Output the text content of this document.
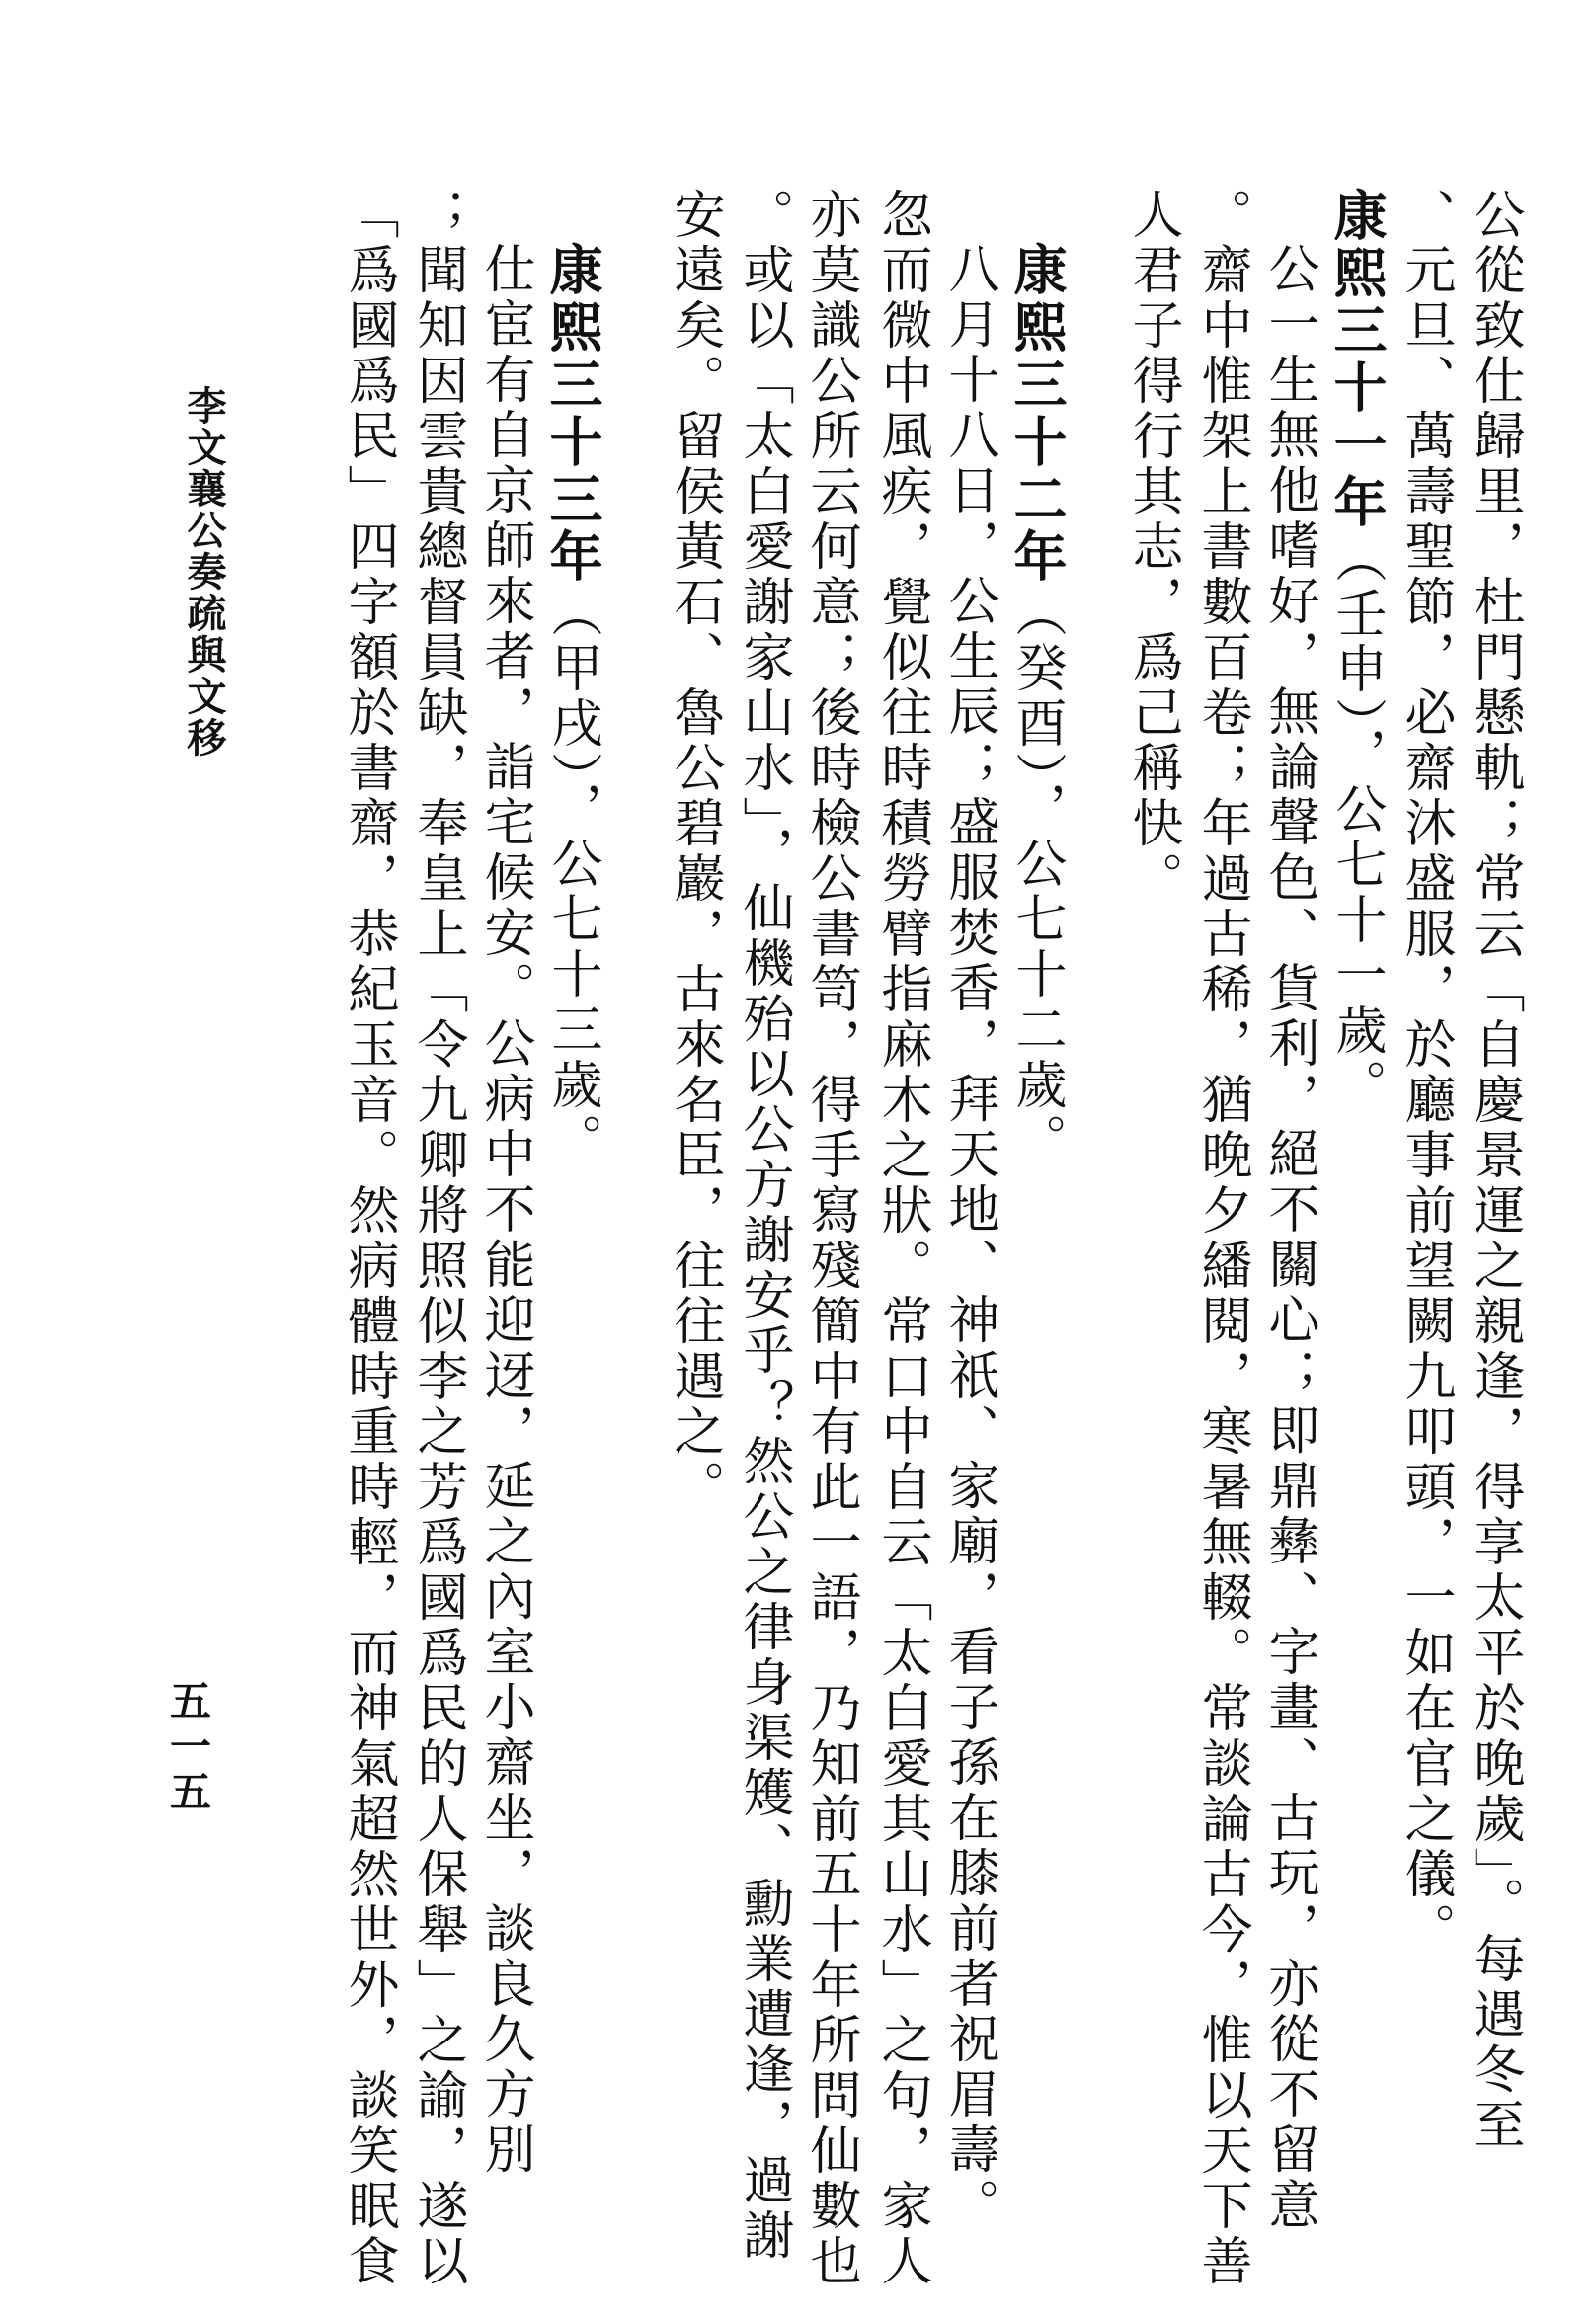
公從致仕歸里，杜門懸軌；常云「自慶景運之親逢，得享太平於晚歲」。每遇冬至
、元旦、萬壽聖節，必齋沐盛服，於廳事前望闕九叩頭，一如在官之儀。
康熙三十一年（壬申），公七十一歲。
公一生無他嗜好，無論聲色、貨利，絕不關心；即鼎彝、字畫、古玩，亦從不留意
。齋中惟架上書數百卷；年過古稀，猶晚夕繙閱，寒暑無輟。常談論古今，惟以天下善
人君子得行其志，爲己稱快。
康熙三十二年（癸酉），公七十二歲。
八月十八日，公生辰；盛服焚香，拜天地、神祇、家廟，看子孫在膝前者祝眉壽。
忽而微中風疾，覺似往時積勞臂指麻木之狀。常口中自云「太白愛其山水」之句，家人
亦莫識公所云何意；後時檢公書笥，得手寫殘簡中有此一語，乃知前五十年所問仙數也
。或以「太白愛謝家山水」，仙機殆以公方謝安乎？然公之律身渠矱、勳業遭逢，過謝
安遠矣。留侯黃石、魯公碧巖，古來名臣，往往遇之。
康熙三十三年（甲戌），公七十三歲。
仕宦有自京師來者，詣宅候安。公病中不能迎迓，延之內室小齋坐，談良久方別
；聞知因雲貴總督員缺，奉皇上「令九卿將照似李之芳爲國爲民的人保舉」之諭，遂以
「爲國爲民」四字額於書齋，恭紀玉音。然病體時重時輕，而神氣超然世外，談笑眠食
李文襄公奏疏與文移
五一五
